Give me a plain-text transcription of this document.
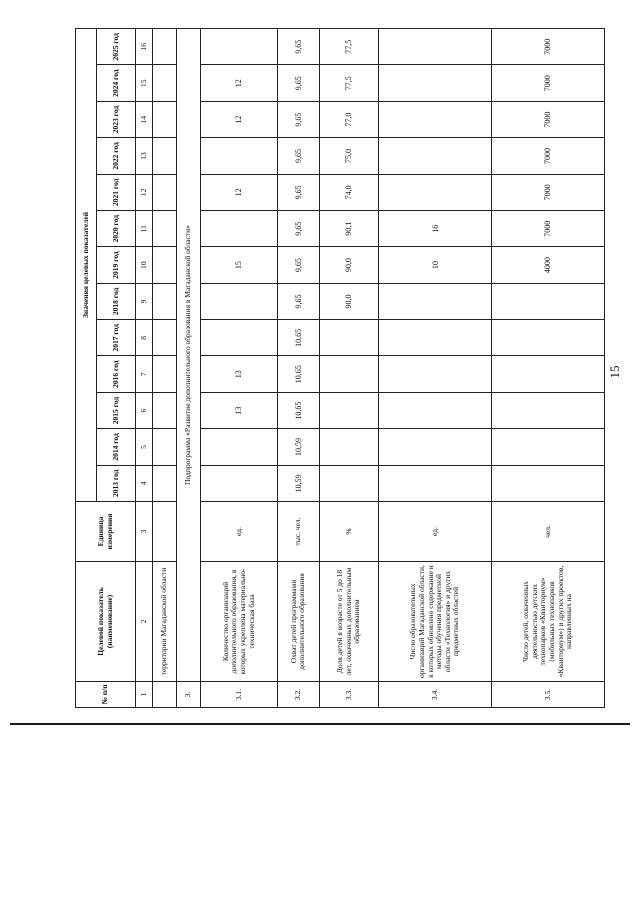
15
№ п/п	Целевой показатель (наименование)	Единица измерения	Значения целевых показателей												
			2013 год	2014 год	2015 год	2016 год	2017 год	2018 год	2019 год	2020 год	2021 год	2022 год	2023 год	2024 год	2025 год
1	2	3	4	5	6	7	8	9	10	11	12	13	14	15	16
	территории Магаданской области														
3.	Подпрограмма «Развитие дополнительного образования в Магаданской области»														
3.1.	Количество организаций дополнительного образования, в которых укреплена материально-техническая база	ед.			13	13			15		12		12	12	
3.2.	Охват детей программами дополнительного образования	тыс. чел.	10,59	10,59	10,65	10,65	10,65	9,65	9,65	9,65	9,65	9,65	9,65	9,65	9,65
3.3.	Доля детей в возрасте от 5 до 18 лет, охваченных дополнительным образованием	%						90,0	90,0	90,1	74,0	75,0	77,0	77,5	77,5
3.4.	Число образовательных организаций Магаданской области, в которых обновлено содержание и методы обучения предметной области «Технология» и других предметных областей	ед.							10	16					
3.5.	Число детей, охваченных деятельностью детских технопарков «Кванториум» (мобильных технопарков «Кванториум») и других проектов, направленных на	чел.							4000	7000	7000	7000	7000	7000	7000
